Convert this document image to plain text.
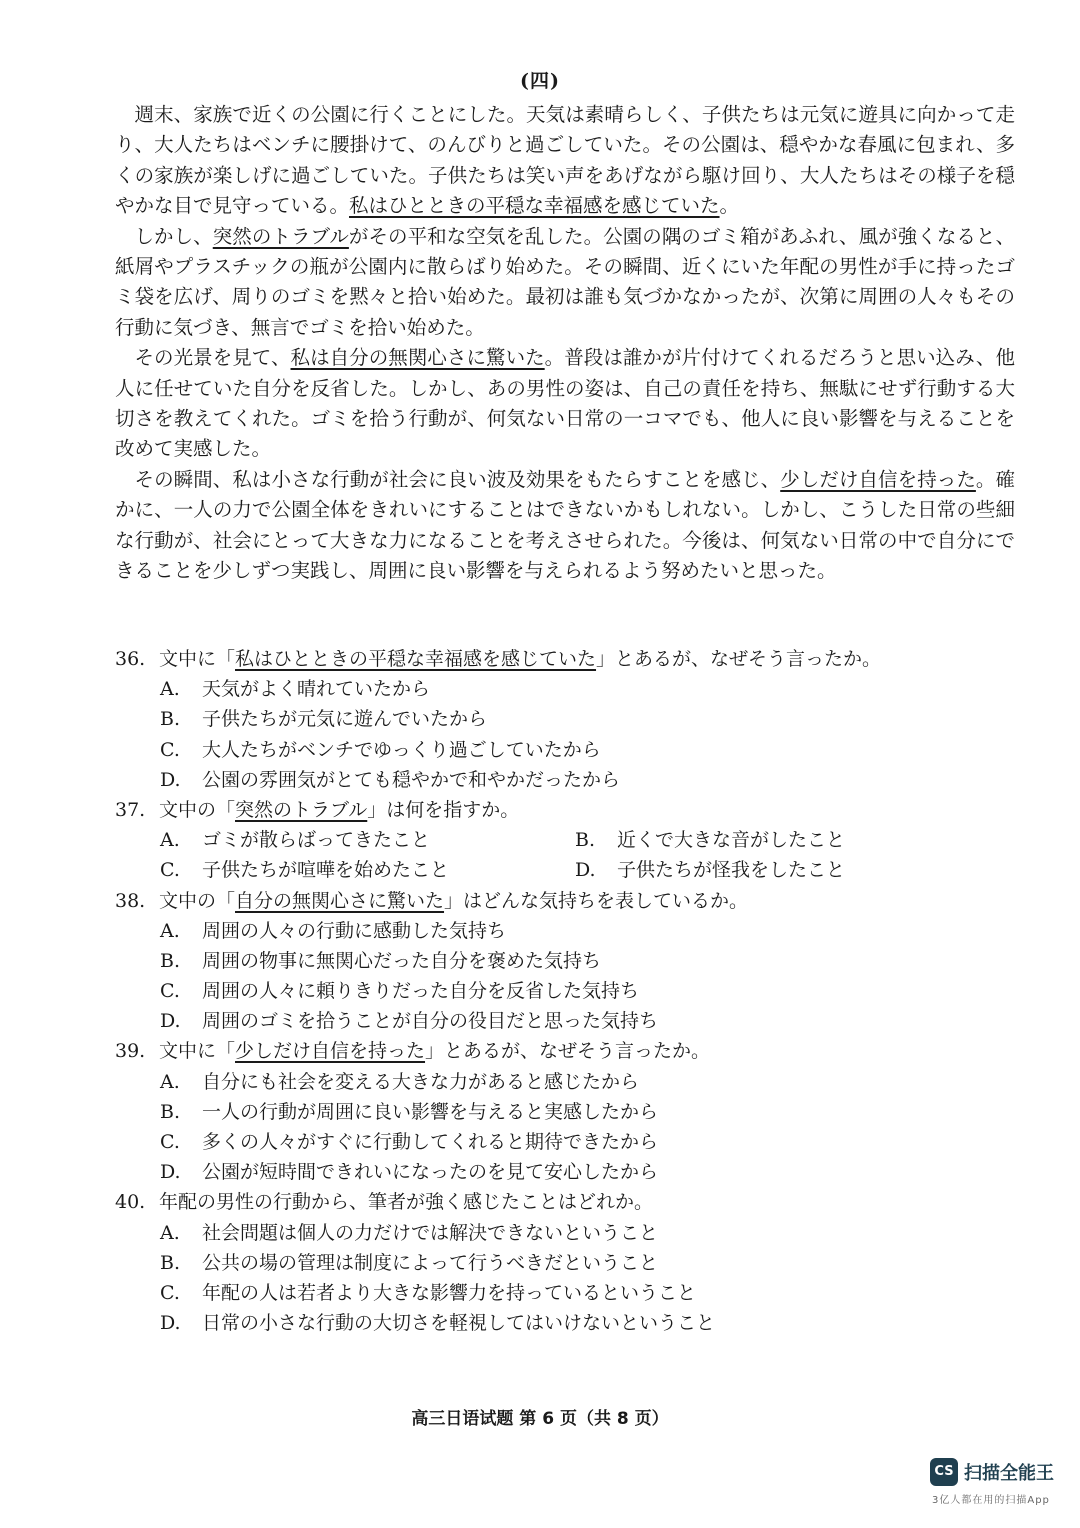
(四)

週末、家族で近くの公園に行くことにした。天気は素晴らしく、子供たちは元気に遊具に向かって走り、大人たちはベンチに腰掛けて、のんびりと過ごしていた。その公園は、穏やかな春風に包まれ、多くの家族が楽しげに過ごしていた。子供たちは笑い声をあげながら駆け回り、大人たちはその様子を穏やかな目で見守っている。私はひとときの平穏な幸福感を感じていた。

しかし、突然のトラブルがその平和な空気を乱した。公園の隅のゴミ箱があふれ、風が強くなると、紙屑やプラスチックの瓶が公園内に散らばり始めた。その瞬間、近くにいた年配の男性が手に持ったゴミ袋を広げ、周りのゴミを黙々と拾い始めた。最初は誰も気づかなかったが、次第に周囲の人々もその行動に気づき、無言でゴミを拾い始めた。

その光景を見て、私は自分の無関心さに驚いた。普段は誰かが片付けてくれるだろうと思い込み、他人に任せていた自分を反省した。しかし、あの男性の姿は、自己の責任を持ち、無駄にせず行動する大切さを教えてくれた。ゴミを拾う行動が、何気ない日常の一コマでも、他人に良い影響を与えることを改めて実感した。

その瞬間、私は小さな行動が社会に良い波及効果をもたらすことを感じ、少しだけ自信を持った。確かに、一人の力で公園全体をきれいにすることはできないかもしれない。しかし、こうした日常の些細な行動が、社会にとって大きな力になることを考えさせられた。今後は、何気ない日常の中で自分にできることを少しずつ実践し、周囲に良い影響を与えられるよう努めたいと思った。

36. 文中に「私はひとときの平穏な幸福感を感じていた」とあるが、なぜそう言ったか。
A. 天気がよく晴れていたから
B. 子供たちが元気に遊んでいたから
C. 大人たちがベンチでゆっくり過ごしていたから
D. 公園の雰囲気がとても穏やかで和やかだったから
37. 文中の「突然のトラブル」は何を指すか。
A. ゴミが散らばってきたこと	B. 近くで大きな音がしたこと
C. 子供たちが喧嘩を始めたこと	D. 子供たちが怪我をしたこと
38. 文中の「自分の無関心さに驚いた」はどんな気持ちを表しているか。
A. 周囲の人々の行動に感動した気持ち
B. 周囲の物事に無関心だった自分を褒めた気持ち
C. 周囲の人々に頼りきりだった自分を反省した気持ち
D. 周囲のゴミを拾うことが自分の役目だと思った気持ち
39. 文中に「少しだけ自信を持った」とあるが、なぜそう言ったか。
A. 自分にも社会を変える大きな力があると感じたから
B. 一人の行動が周囲に良い影響を与えると実感したから
C. 多くの人々がすぐに行動してくれると期待できたから
D. 公園が短時間できれいになったのを見て安心したから
40. 年配の男性の行動から、筆者が強く感じたことはどれか。
A. 社会問題は個人の力だけでは解決できないということ
B. 公共の場の管理は制度によって行うべきだということ
C. 年配の人は若者より大きな影響力を持っているということ
D. 日常の小さな行動の大切さを軽視してはいけないということ
高三日语试题 第 6 页（共 8 页）
CS 扫描全能王
3亿人都在用的扫描App
